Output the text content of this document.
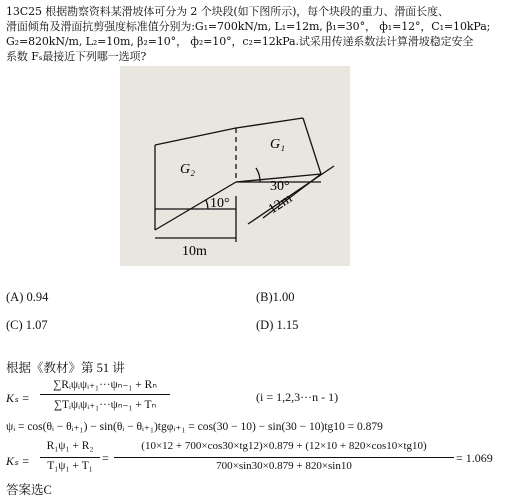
13C25 根据勘察资料某滑坡体可分为 2 个块段(如下图所示)，每个块段的重力、滑面长度、
滑面倾角及滑面抗剪强度标准值分别为:G₁=700kN/m, L₁=12m, β₁=30°， ф₁=12°，C₁=10kPa;
G₂=820kN/m, L₂=10m, β₂=10°， ф₂=10°，c₂=12kPa.试采用传递系数法计算滑坡稳定安全
系数 Fₛ最接近下列哪一选项?
G₂
G₁
30°
10°
10m
12m
(A) 0.94	(B)1.00
(C) 1.07	(D) 1.15
根据《教材》第 51 讲
Kₛ =
∑Rᵢψᵢψᵢ₊₁···ψₙ₋₁ + Rₙ
∑Tᵢψᵢψᵢ₊₁···ψₙ₋₁ + Tₙ
(i = 1,2,3···n - 1)
ψᵢ = cos(θᵢ − θᵢ₊₁) − sin(θᵢ − θᵢ₊₁)tgφᵢ₊₁ = cos(30 − 10) − sin(30 − 10)tg10 = 0.879
Kₛ =
R₁ψ₁ + R₂
T₁ψ₁ + T₁
=
(10×12 + 700×cos30×tg12)×0.879 + (12×10 + 820×cos10×tg10)
700×sin30×0.879 + 820×sin10
= 1.069
答案选C
